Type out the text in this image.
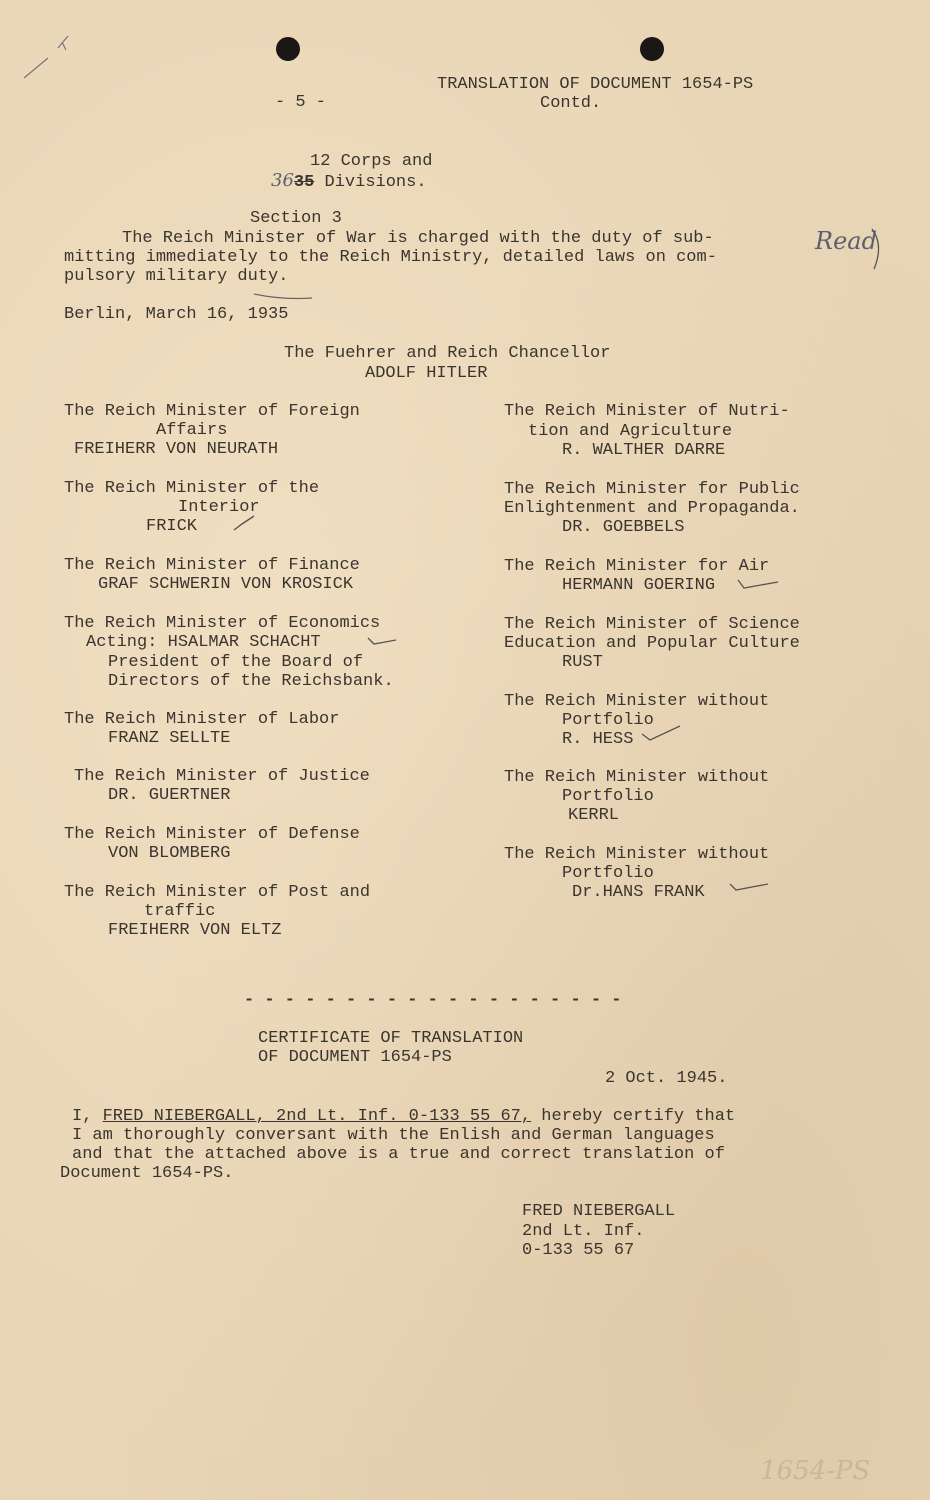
- 5 -
TRANSLATION OF DOCUMENT 1654-PS
Contd.
12 Corps and
3635 Divisions.
Section 3
The Reich Minister of War is charged with the duty of sub-
mitting immediately to the Reich Ministry, detailed laws on com-
pulsory military duty.
Read
Berlin, March 16, 1935
The Fuehrer and Reich Chancellor
ADOLF HITLER
The Reich Minister of Foreign
Affairs
FREIHERR VON NEURATH
The Reich Minister of the
Interior
FRICK
The Reich Minister of Finance
GRAF SCHWERIN VON KROSICK
The Reich Minister of Economics
Acting: HSALMAR SCHACHT
President of the Board of
Directors of the Reichsbank.
The Reich Minister of Labor
FRANZ SELLTE
The Reich Minister of Justice
DR. GUERTNER
The Reich Minister of Defense
VON BLOMBERG
The Reich Minister of Post and
traffic
FREIHERR VON ELTZ
The Reich Minister of Nutri-
tion and Agriculture
R. WALTHER DARRE
The Reich Minister for Public
Enlightenment and Propaganda.
DR. GOEBBELS
The Reich Minister for Air
HERMANN GOERING
The Reich Minister of Science
Education and Popular Culture
RUST
The Reich Minister without
Portfolio
R. HESS
The Reich Minister without
Portfolio
KERRL
The Reich Minister without
Portfolio
Dr.HANS FRANK
- - - - - - - - - - - - - - - - - - -
CERTIFICATE OF TRANSLATION
OF DOCUMENT 1654-PS
2 Oct. 1945.
I, FRED NIEBERGALL, 2nd Lt. Inf. 0-133 55 67, hereby certify that
I am thoroughly conversant with the Enlish and German languages
and that the attached above is a true and correct translation of
Document 1654-PS.
FRED NIEBERGALL
2nd Lt. Inf.
0-133 55 67
1654-PS
